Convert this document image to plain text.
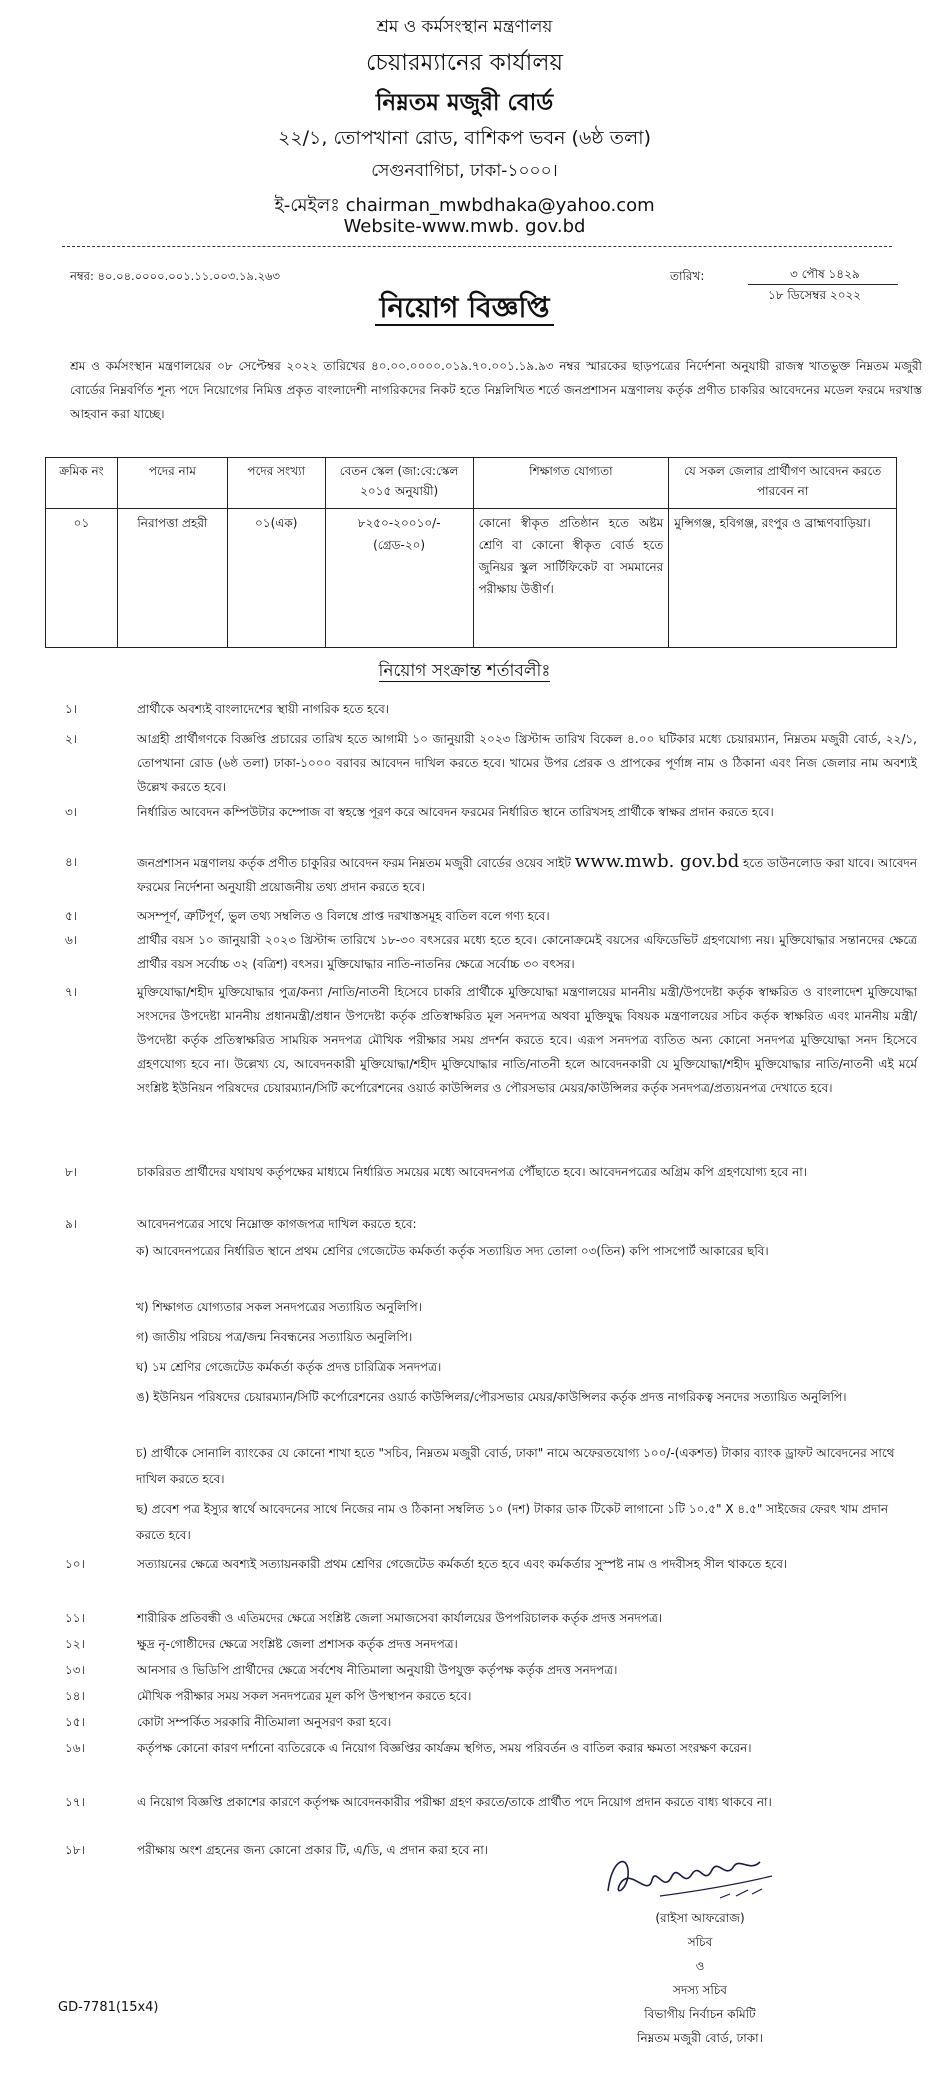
শ্রম ও কর্মসংস্থান মন্ত্রণালয়
চেয়ারম্যানের কার্যালয়
নিম্নতম মজুরী বোর্ড
২২/১, তোপখানা রোড, বাশিকপ ভবন (৬ষ্ঠ তলা)
সেগুনবাগিচা, ঢাকা-১০০০।
ই-মেইলঃ chairman_mwbdhaka@yahoo.com
Website-www.mwb. gov.bd
নম্বর: ৪০.০৪.০০০০.০০১.১১.০০৩.১৯.২৬৩	তারিখ:	৩ পৌষ ১৪২৯
১৮ ডিসেম্বর ২০২২
নিয়োগ বিজ্ঞপ্তি
শ্রম ও কর্মসংস্থান মন্ত্রণালয়ের ০৮ সেপ্টেম্বর ২০২২ তারিখের ৪০.০০.০০০০.০১৯.৭০.০০১.১৯.৯৩ নম্বর স্মারকের ছাড়পত্রের নির্দেশনা অনুযায়ী রাজস্ব খাতভুক্ত নিম্নতম মজুরী বোর্ডের নিম্নবর্ণিত শূন্য পদে নিয়োগের নিমিত্ত প্রকৃত বাংলাদেশী নাগরিকদের নিকট হতে নিম্নলিখিত শর্তে জনপ্রশাসন মন্ত্রণালয় কর্তৃক প্রণীত চাকরির আবেদনের মডেল ফরমে দরখাস্ত আহবান করা যাচ্ছে।
ক্রমিক নং	পদের নাম	পদের সংখ্যা	বেতন স্কেল (জা:বে:স্কেল ২০১৫ অনুযায়ী)	শিক্ষাগত যোগ্যতা	যে সকল জেলার প্রার্থীগণ আবেদন করতে পারবেন না
০১	নিরাপত্তা প্রহরী	০১(এক)	৮২৫০-২০০১০/- (গ্রেড-২০)	কোনো স্বীকৃত প্রতিষ্ঠান হতে অষ্টম শ্রেণি বা কোনো স্বীকৃত বোর্ড হতে জুনিয়র স্কুল সার্টিফিকেট বা সমমানের পরীক্ষায় উত্তীর্ণ।	মুন্সিগঞ্জ, হবিগঞ্জ, রংপুর ও ব্রাহ্মণবাড়িয়া।
নিয়োগ সংক্রান্ত শর্তাবলীঃ
১।	প্রার্থীকে অবশ্যই বাংলাদেশের স্থায়ী নাগরিক হতে হবে।
২।	আগ্রহী প্রার্থীগণকে বিজ্ঞপ্তি প্রচারের তারিখ হতে আগামী ১০ জানুয়ারী ২০২৩ খ্রিস্টাব্দ তারিখ বিকেল ৪.০০ ঘটিকার মধ্যে চেয়ারম্যান, নিম্নতম মজুরী বোর্ড, ২২/১, তোপখানা রোড (৬ষ্ঠ তলা) ঢাকা-১০০০ বরাবর আবেদন দাখিল করতে হবে। খামের উপর প্রেরক ও প্রাপকের পূর্ণাঙ্গ নাম ও ঠিকানা এবং নিজ জেলার নাম অবশ্যই উল্লেখ করতে হবে।
৩।	নির্ধারিত আবেদন কম্পিউটার কম্পোজ বা স্বহস্তে পূরণ করে আবেদন ফরমের নির্ধারিত স্থানে তারিখসহ প্রার্থীকে স্বাক্ষর প্রদান করতে হবে।
৪।	জনপ্রশাসন মন্ত্রণালয় কর্তৃক প্রণীত চাকুরির আবেদন ফরম নিম্নতম মজুরী বোর্ডের ওয়েব সাইট www.mwb. gov.bd হতে ডাউনলোড করা যাবে। আবেদন ফরমের নির্দেশনা অনুযায়ী প্রয়োজনীয় তথ্য প্রদান করতে হবে।
৫।	অসম্পূর্ণ, ত্রুটিপূর্ণ, ভুল তথ্য সম্বলিত ও বিলম্বে প্রাপ্ত দরখাস্তসমূহ বাতিল বলে গণ্য হবে।
৬।	প্রার্থীর বয়স ১০ জানুয়ারী ২০২৩ খ্রিস্টাব্দ তারিখে ১৮-৩০ বৎসরের মধ্যে হতে হবে। কোনোক্রমেই বয়সের এফিডেভিট গ্রহণযোগ্য নয়। মুক্তিযোদ্ধার সন্তানদের ক্ষেত্রে প্রার্থীর বয়স সর্বোচ্চ ৩২ (বত্রিশ) বৎসর। মুক্তিযোদ্ধার নাতি-নাতনির ক্ষেত্রে সর্বোচ্চ ৩০ বৎসর।
৭।	মুক্তিযোদ্ধা/শহীদ মুক্তিযোদ্ধার পুত্র/কন্যা /নাতি/নাতনী হিসেবে চাকরি প্রার্থীকে মুক্তিযোদ্ধা মন্ত্রণালয়ের মাননীয় মন্ত্রী/উপদেষ্টা কর্তৃক স্বাক্ষরিত ও বাংলাদেশ মুক্তিযোদ্ধা সংসদের উপদেষ্টা মাননীয় প্রধানমন্ত্রী/প্রধান উপদেষ্টা কর্তৃক প্রতিস্বাক্ষরিত মূল সনদপত্র অথবা মুক্তিযুদ্ধ বিষয়ক মন্ত্রণালয়ের সচিব কর্তৃক স্বাক্ষরিত এবং মাননীয় মন্ত্রী/ উপদেষ্টা কর্তৃক প্রতিস্বাক্ষরিত সাময়িক সনদপত্র মৌখিক পরীক্ষার সময় প্রদর্শন করতে হবে। এরূপ সনদপত্র ব্যতিত অন্য কোনো সনদপত্র মুক্তিযোদ্ধা সনদ হিসেবে গ্রহণযোগ্য হবে না। উল্লেখ্য যে, আবেদনকারী মুক্তিযোদ্ধা/শহীদ মুক্তিযোদ্ধার নাতি/নাতনী হলে আবেদনকারী যে মুক্তিযোদ্ধা/শহীদ মুক্তিযোদ্ধার নাতি/নাতনী এই মর্মে সংশ্লিষ্ট ইউনিয়ন পরিষদের চেয়ারম্যান/সিটি কর্পোরেশনের ওয়ার্ড কাউন্সিলর ও পৌরসভার মেয়র/কাউন্সিলর কর্তৃক সনদপত্র/প্রত্যয়নপত্র দেখাতে হবে।
৮।	চাকরিরত প্রার্থীদের যথাযথ কর্তৃপক্ষের মাধ্যমে নির্ধারিত সময়ের মধ্যে আবেদনপত্র পৌঁছাতে হবে। আবেদনপত্রের অগ্রিম কপি গ্রহণযোগ্য হবে না।
৯।	আবেদনপত্রের সাথে নিম্নোক্ত কাগজপত্র দাখিল করতে হবে:
ক) আবেদনপত্রের নির্ধারিত স্থানে প্রথম শ্রেণির গেজেটেড কর্মকর্তা কর্তৃক সত্যায়িত সদ্য তোলা ০৩(তিন) কপি পাসপোর্ট আকারের ছবি।
খ) শিক্ষাগত যোগ্যতার সকল সনদপত্রের সত্যায়িত অনুলিপি।
গ) জাতীয় পরিচয় পত্র/জন্ম নিবন্ধনের সত্যায়িত অনুলিপি।
ঘ) ১ম শ্রেণির গেজেটেড কর্মকর্তা কর্তৃক প্রদত্ত চারিত্রিক সনদপত্র।
ঙ) ইউনিয়ন পরিষদের চেয়ারম্যান/সিটি কর্পোরেশনের ওয়ার্ড কাউন্সিলর/পৌরসভার মেয়র/কাউন্সিলর কর্তৃক প্রদত্ত নাগরিকত্ব সনদের সত্যায়িত অনুলিপি।
চ) প্রার্থীকে সোনালি ব্যাংকের যে কোনো শাখা হতে "সচিব, নিম্নতম মজুরী বোর্ড, ঢাকা" নামে অফেরতযোগ্য ১০০/-(একশত) টাকার ব্যাংক ড্রাফট আবেদনের সাথে দাখিল করতে হবে।
ছ) প্রবেশ পত্র ইস্যুর স্বার্থে আবেদনের সাথে নিজের নাম ও ঠিকানা সম্বলিত ১০ (দশ) টাকার ডাক টিকেট লাগানো ১টি ১০.৫" X ৪.৫" সাইজের ফেরৎ খাম প্রদান করতে হবে।
১০।	সত্যায়নের ক্ষেত্রে অবশ্যই সত্যায়নকারী প্রথম শ্রেণির গেজেটেড কর্মকর্তা হতে হবে এবং কর্মকর্তার সুস্পষ্ট নাম ও পদবীসহ সীল থাকতে হবে।
১১।	শারীরিক প্রতিবন্ধী ও এতিমদের ক্ষেত্রে সংশ্লিষ্ট জেলা সমাজসেবা কার্যালয়ের উপপরিচালক কর্তৃক প্রদত্ত সনদপত্র।
১২।	ক্ষুদ্র নৃ-গোষ্ঠীদের ক্ষেত্রে সংশ্লিষ্ট জেলা প্রশাসক কর্তৃক প্রদত্ত সনদপত্র।
১৩।	আনসার ও ভিডিপি প্রার্থীদের ক্ষেত্রে সর্বশেষ নীতিমালা অনুযায়ী উপযুক্ত কর্তৃপক্ষ কর্তৃক প্রদত্ত সনদপত্র।
১৪।	মৌখিক পরীক্ষার সময় সকল সনদপত্রের মূল কপি উপস্থাপন করতে হবে।
১৫।	কোটা সম্পর্কিত সরকারি নীতিমালা অনুসরণ করা হবে।
১৬।	কর্তৃপক্ষ কোনো কারণ দর্শানো ব্যতিরেকে এ নিয়োগ বিজ্ঞপ্তির কার্যক্রম স্থগিত, সময় পরিবর্তন ও বাতিল করার ক্ষমতা সংরক্ষণ করেন।
১৭।	এ নিয়োগ বিজ্ঞপ্তি প্রকাশের কারণে কর্তৃপক্ষ আবেদনকারীর পরীক্ষা গ্রহণ করতে/তাকে প্রার্থীত পদে নিয়োগ প্রদান করতে বাধ্য থাকবে না।
১৮।	পরীক্ষায় অংশ গ্রহনের জন্য কোনো প্রকার টি, এ/ডি, এ প্রদান করা হবে না।
(রাইসা আফরোজ)
সচিব
ও
সদস্য সচিব
বিভাগীয় নির্বাচন কমিটি
নিম্নতম মজুরী বোর্ড, ঢাকা।
GD-7781(15x4)
